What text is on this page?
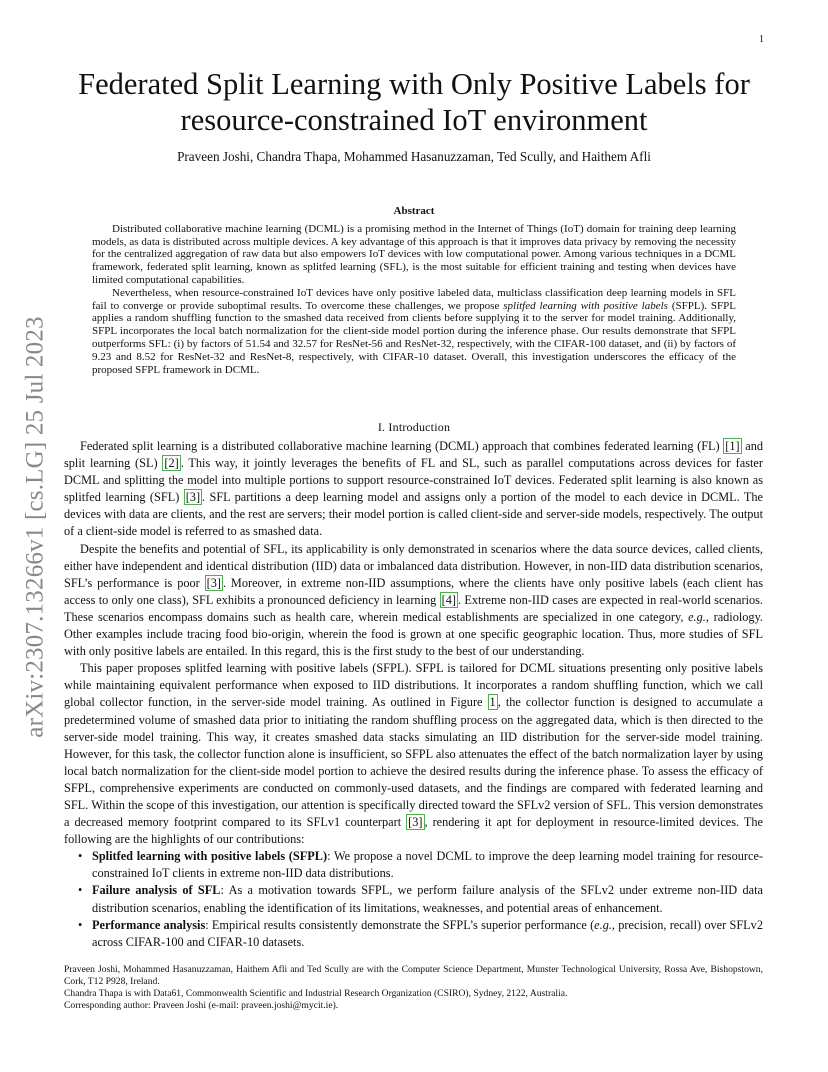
1
arXiv:2307.13266v1 [cs.LG] 25 Jul 2023
Federated Split Learning with Only Positive Labels for resource-constrained IoT environment

Praveen Joshi, Chandra Thapa, Mohammed Hasanuzzaman, Ted Scully, and Haithem Afli

Abstract

Distributed collaborative machine learning (DCML) is a promising method in the Internet of Things (IoT) domain for training deep learning models, as data is distributed across multiple devices. A key advantage of this approach is that it improves data privacy by removing the necessity for the centralized aggregation of raw data but also empowers IoT devices with low computational power. Among various techniques in a DCML framework, federated split learning, known as splitfed learning (SFL), is the most suitable for efficient training and testing when devices have limited computational capabilities.

Nevertheless, when resource-constrained IoT devices have only positive labeled data, multiclass classification deep learning models in SFL fail to converge or provide suboptimal results. To overcome these challenges, we propose splitfed learning with positive labels (SFPL). SFPL applies a random shuffling function to the smashed data received from clients before supplying it to the server for model training. Additionally, SFPL incorporates the local batch normalization for the client-side model portion during the inference phase. Our results demonstrate that SFPL outperforms SFL: (i) by factors of 51.54 and 32.57 for ResNet-56 and ResNet-32, respectively, with the CIFAR-100 dataset, and (ii) by factors of 9.23 and 8.52 for ResNet-32 and ResNet-8, respectively, with CIFAR-10 dataset. Overall, this investigation underscores the efficacy of the proposed SFPL framework in DCML.

I. Introduction

Federated split learning is a distributed collaborative machine learning (DCML) approach that combines federated learning (FL) [1] and split learning (SL) [2] . This way, it jointly leverages the benefits of FL and SL, such as parallel computations across devices for faster DCML and splitting the model into multiple portions to support resource-constrained IoT devices. Federated split learning is also known as splitfed learning (SFL) [3] . SFL partitions a deep learning model and assigns only a portion of the model to each device in DCML. The devices with data are clients, and the rest are servers; their model portion is called client-side and server-side models, respectively. The output of a client-side model is referred to as smashed data.

Despite the benefits and potential of SFL, its applicability is only demonstrated in scenarios where the data source devices, called clients, either have independent and identical distribution (IID) data or imbalanced data distribution. However, in non-IID data distribution scenarios, SFL’s performance is poor [3] . Moreover, in extreme non-IID assumptions, where the clients have only positive labels (each client has access to only one class), SFL exhibits a pronounced deficiency in learning [4] . Extreme non-IID cases are expected in real-world scenarios. These scenarios encompass domains such as health care, wherein medical establishments are specialized in one category, e.g., radiology. Other examples include tracing food bio-origin, wherein the food is grown at one specific geographic location. Thus, more studies of SFL with only positive labels are entailed. In this regard, this is the first study to the best of our understanding.

This paper proposes splitfed learning with positive labels (SFPL). SFPL is tailored for DCML situations presenting only positive labels while maintaining equivalent performance when exposed to IID distributions. It incorporates a random shuffling function, which we call global collector function, in the server-side model training. As outlined in Figure 1 , the collector function is designed to accumulate a predetermined volume of smashed data prior to initiating the random shuffling process on the aggregated data, which is then directed to the server-side model training. This way, it creates smashed data stacks simulating an IID distribution for the server-side model training. However, for this task, the collector function alone is insufficient, so SFPL also attenuates the effect of the batch normalization layer by using local batch normalization for the client-side model portion to achieve the desired results during the inference phase. To assess the efficacy of SFPL, comprehensive experiments are conducted on commonly-used datasets, and the findings are compared with federated learning and SFL. Within the scope of this investigation, our attention is specifically directed toward the SFLv2 version of SFL. This version demonstrates a decreased memory footprint compared to its SFLv1 counterpart [3] , rendering it apt for deployment in resource-limited devices. The following are the highlights of our contributions:

• Splitfed learning with positive labels (SFPL): We propose a novel DCML to improve the deep learning model training for resource-constrained IoT clients in extreme non-IID data distributions.
• Failure analysis of SFL: As a motivation towards SFPL, we perform failure analysis of the SFLv2 under extreme non-IID data distribution scenarios, enabling the identification of its limitations, weaknesses, and potential areas of enhancement.
• Performance analysis: Empirical results consistently demonstrate the SFPL’s superior performance (e.g., precision, recall) over SFLv2 across CIFAR-100 and CIFAR-10 datasets.

Praveen Joshi, Mohammed Hasanuzzaman, Haithem Afli and Ted Scully are with the Computer Science Department, Munster Technological University, Rossa Ave, Bishopstown, Cork, T12 P928, Ireland.

Chandra Thapa is with Data61, Commonwealth Scientific and Industrial Research Organization (CSIRO), Sydney, 2122, Australia.

Corresponding author: Praveen Joshi (e-mail: praveen.joshi@mycit.ie).
